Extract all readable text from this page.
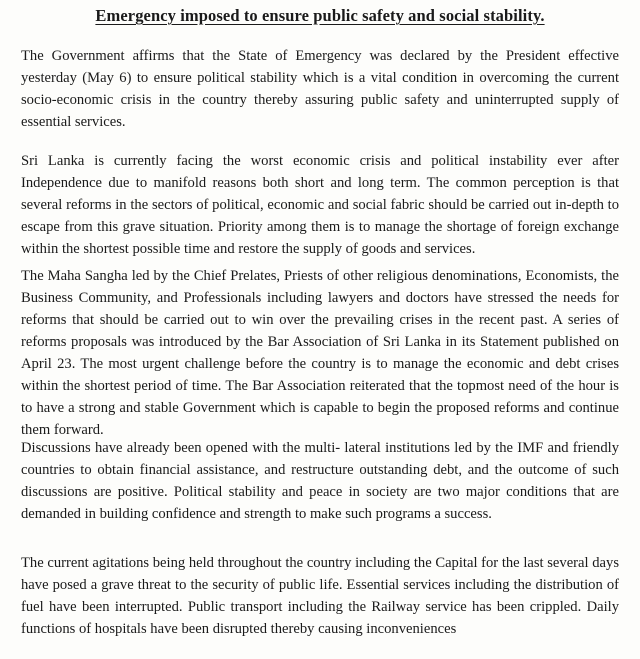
Emergency imposed to ensure public safety and social stability.

The Government affirms that the State of Emergency was declared by the President effective yesterday (May 6) to ensure political stability which is a vital condition in overcoming the current socio-economic crisis in the country thereby assuring public safety and uninterrupted supply of essential services.

Sri Lanka is currently facing the worst economic crisis and political instability ever after Independence due to manifold reasons both short and long term. The common perception is that several reforms in the sectors of political, economic and social fabric should be carried out in-depth to escape from this grave situation. Priority among them is to manage the shortage of foreign exchange within the shortest possible time and restore the supply of goods and services.

The Maha Sangha led by the Chief Prelates, Priests of other religious denominations, Economists, the Business Community, and Professionals including lawyers and doctors have stressed the needs for reforms that should be carried out to win over the prevailing crises in the recent past. A series of reforms proposals was introduced by the Bar Association of Sri Lanka in its Statement published on April 23. The most urgent challenge before the country is to manage the economic and debt crises within the shortest period of time. The Bar Association reiterated that the topmost need of the hour is to have a strong and stable Government which is capable to begin the proposed reforms and continue them forward.

Discussions have already been opened with the multi- lateral institutions led by the IMF and friendly countries to obtain financial assistance, and restructure outstanding debt, and the outcome of such discussions are positive. Political stability and peace in society are two major conditions that are demanded in building confidence and strength to make such programs a success.

The current agitations being held throughout the country including the Capital for the last several days have posed a grave threat to the security of public life. Essential services including the distribution of fuel have been interrupted. Public transport including the Railway service has been crippled. Daily functions of hospitals have been disrupted thereby causing inconveniences
